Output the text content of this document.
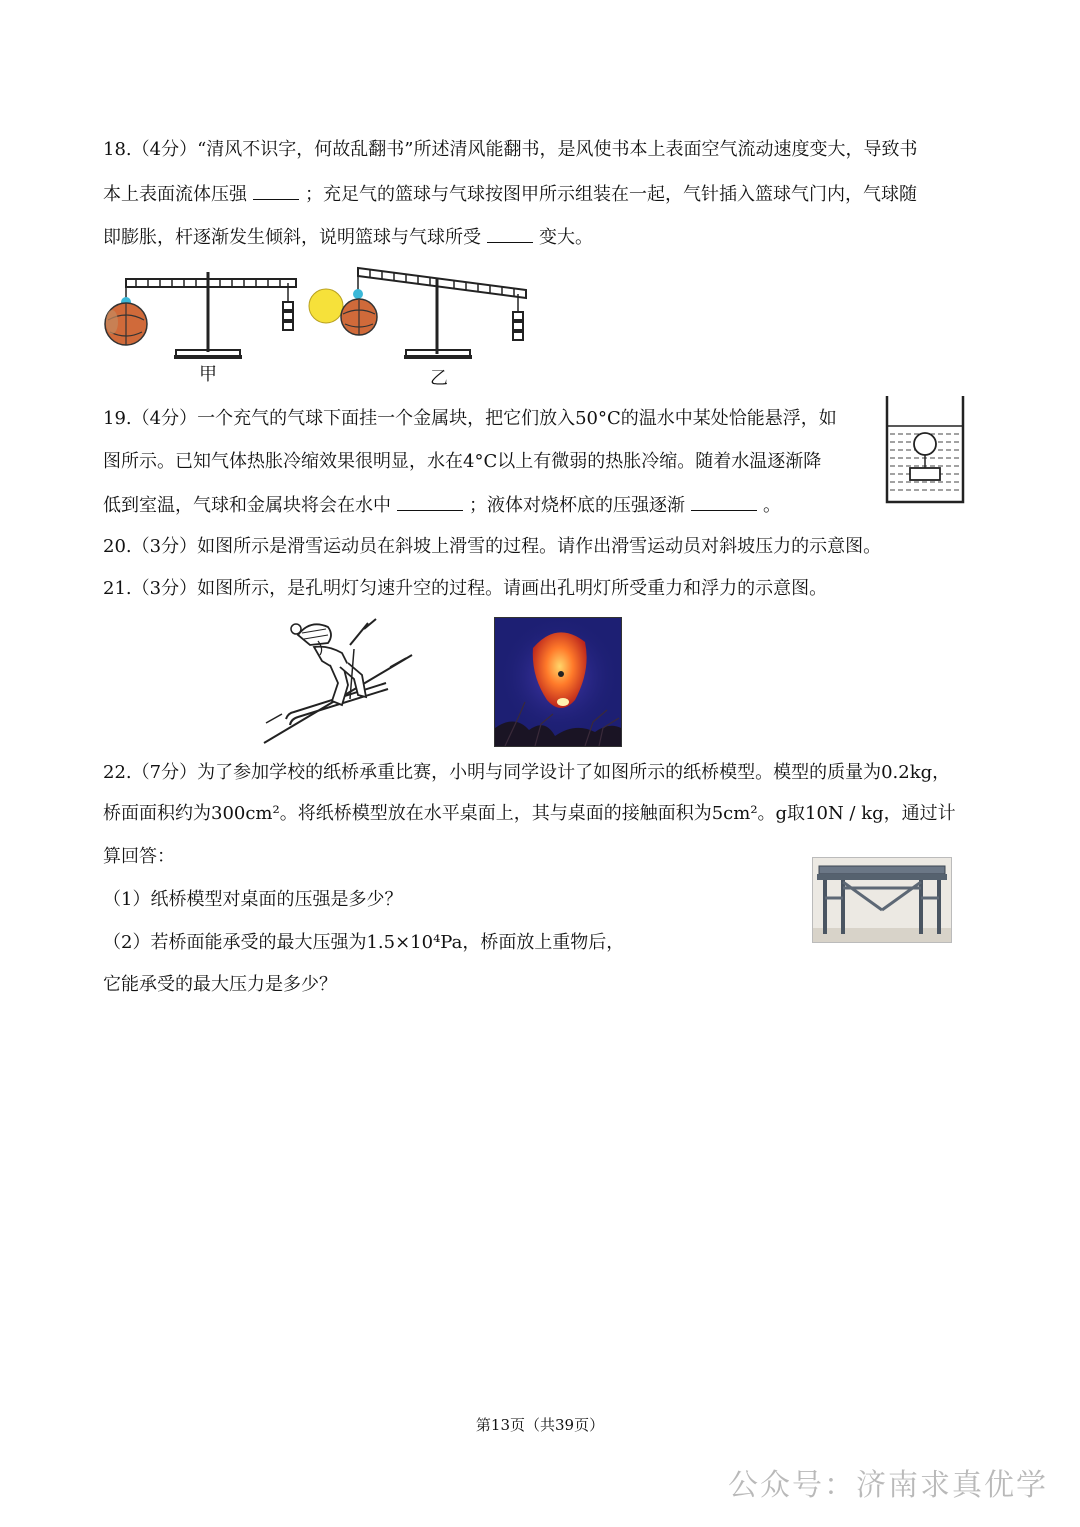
18.（4分）“清风不识字，何故乱翻书”所述清风能翻书，是风使书本上表面空气流动速度变大，导致书
本上表面流体压强	；充足气的篮球与气球按图甲所示组装在一起，气针插入篮球气门内，气球随
即膨胀，杆逐渐发生倾斜，说明篮球与气球所受	变大。
甲	乙
19.（4分）一个充气的气球下面挂一个金属块，把它们放入50°C的温水中某处恰能悬浮，如
图所示。已知气体热胀冷缩效果很明显，水在4°C以上有微弱的热胀冷缩。随着水温逐渐降
低到室温，气球和金属块将会在水中	；液体对烧杯底的压强逐渐	。
20.（3分）如图所示是滑雪运动员在斜坡上滑雪的过程。请作出滑雪运动员对斜坡压力的示意图。
21.（3分）如图所示，是孔明灯匀速升空的过程。请画出孔明灯所受重力和浮力的示意图。
22.（7分）为了参加学校的纸桥承重比赛，小明与同学设计了如图所示的纸桥模型。模型的质量为0.2kg，
桥面面积约为300cm²。将纸桥模型放在水平桌面上，其与桌面的接触面积为5cm²。g取10N / kg，通过计
算回答：
（1）纸桥模型对桌面的压强是多少？
（2）若桥面能承受的最大压强为1.5×10⁴Pa，桥面放上重物后，
它能承受的最大压力是多少？
第13页（共39页）
公众号：济南求真优学
